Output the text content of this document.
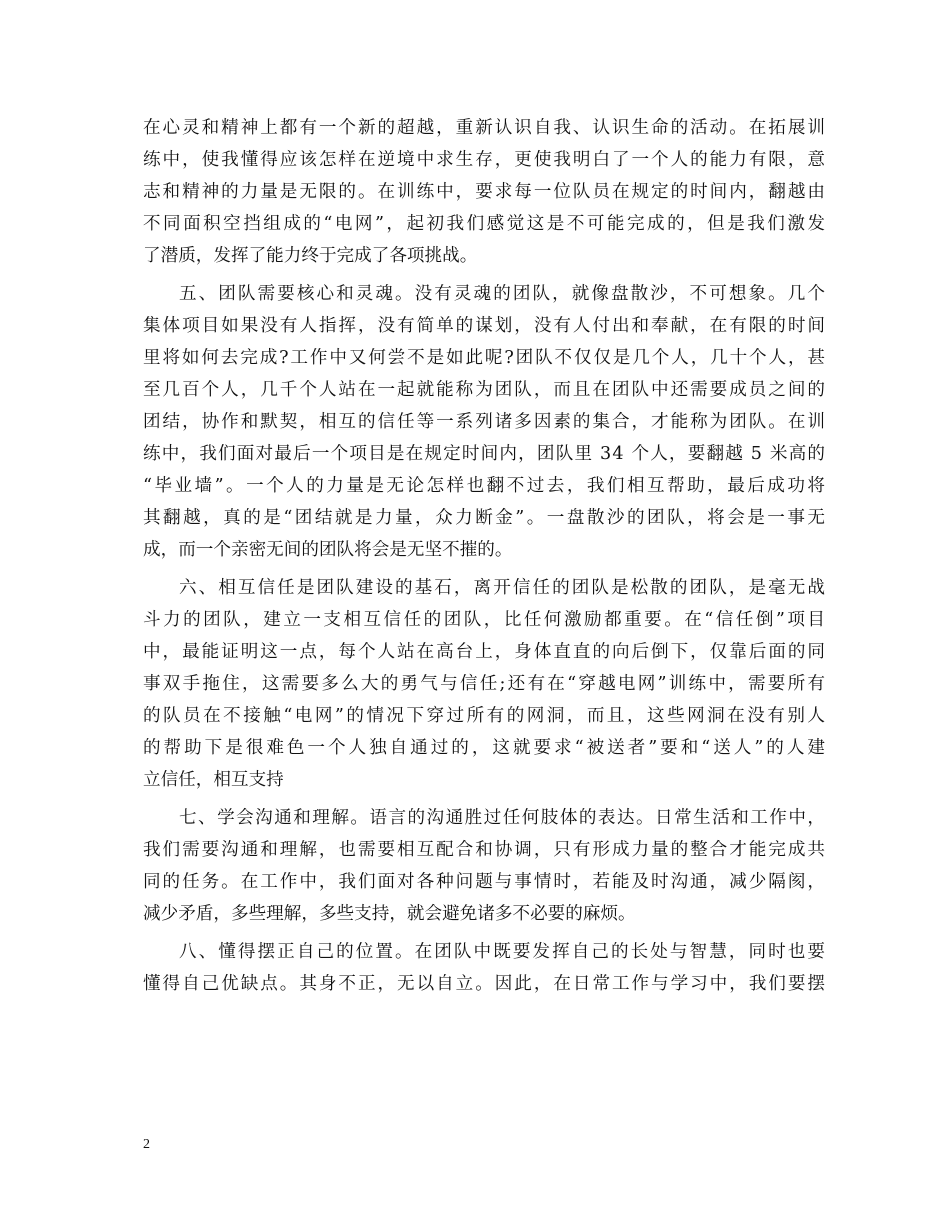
在心灵和精神上都有一个新的超越，重新认识自我、认识生命的活动。在拓展训
练中，使我懂得应该怎样在逆境中求生存，更使我明白了一个人的能力有限，意
志和精神的力量是无限的。在训练中，要求每一位队员在规定的时间内，翻越由
不同面积空挡组成的“电网”，起初我们感觉这是不可能完成的，但是我们激发
了潜质，发挥了能力终于完成了各项挑战。
五、团队需要核心和灵魂。没有灵魂的团队，就像盘散沙，不可想象。几个
集体项目如果没有人指挥，没有简单的谋划，没有人付出和奉献，在有限的时间
里将如何去完成?工作中又何尝不是如此呢?团队不仅仅是几个人，几十个人，甚
至几百个人，几千个人站在一起就能称为团队，而且在团队中还需要成员之间的
团结，协作和默契，相互的信任等一系列诸多因素的集合，才能称为团队。在训
练中，我们面对最后一个项目是在规定时间内，团队里 34 个人，要翻越 5 米高的
“毕业墙”。一个人的力量是无论怎样也翻不过去，我们相互帮助，最后成功将
其翻越，真的是“团结就是力量，众力断金”。一盘散沙的团队，将会是一事无
成，而一个亲密无间的团队将会是无坚不摧的。
六、相互信任是团队建设的基石，离开信任的团队是松散的团队，是毫无战
斗力的团队，建立一支相互信任的团队，比任何激励都重要。在“信任倒”项目
中，最能证明这一点，每个人站在高台上，身体直直的向后倒下，仅靠后面的同
事双手拖住，这需要多么大的勇气与信任;还有在“穿越电网”训练中，需要所有
的队员在不接触“电网”的情况下穿过所有的网洞，而且，这些网洞在没有别人
的帮助下是很难色一个人独自通过的，这就要求“被送者”要和“送人”的人建
立信任，相互支持
七、学会沟通和理解。语言的沟通胜过任何肢体的表达。日常生活和工作中，
我们需要沟通和理解，也需要相互配合和协调，只有形成力量的整合才能完成共
同的任务。在工作中，我们面对各种问题与事情时，若能及时沟通，减少隔阂，
减少矛盾，多些理解，多些支持，就会避免诸多不必要的麻烦。
八、懂得摆正自己的位置。在团队中既要发挥自己的长处与智慧，同时也要
懂得自己优缺点。其身不正，无以自立。因此，在日常工作与学习中，我们要摆
2
